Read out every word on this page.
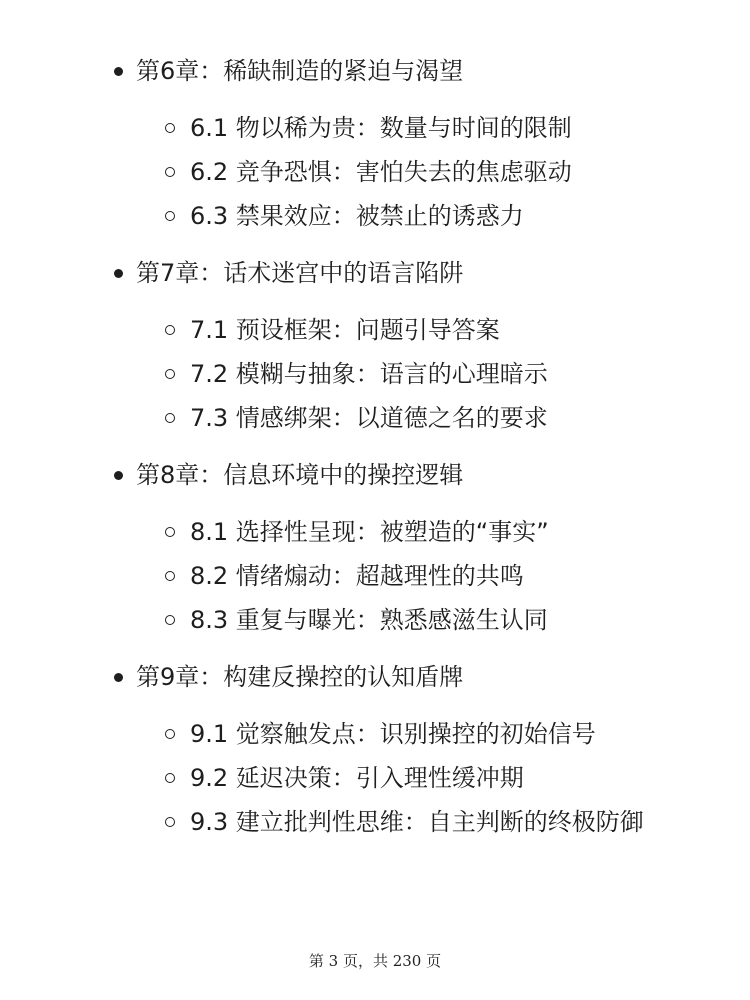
第6章：稀缺制造的紧迫与渴望
6.1 物以稀为贵：数量与时间的限制
6.2 竞争恐惧：害怕失去的焦虑驱动
6.3 禁果效应：被禁止的诱惑力
第7章：话术迷宫中的语言陷阱
7.1 预设框架：问题引导答案
7.2 模糊与抽象：语言的心理暗示
7.3 情感绑架：以道德之名的要求
第8章：信息环境中的操控逻辑
8.1 选择性呈现：被塑造的“事实”
8.2 情绪煽动：超越理性的共鸣
8.3 重复与曝光：熟悉感滋生认同
第9章：构建反操控的认知盾牌
9.1 觉察触发点：识别操控的初始信号
9.2 延迟决策：引入理性缓冲期
9.3 建立批判性思维：自主判断的终极防御
第 3 页，共 230 页
